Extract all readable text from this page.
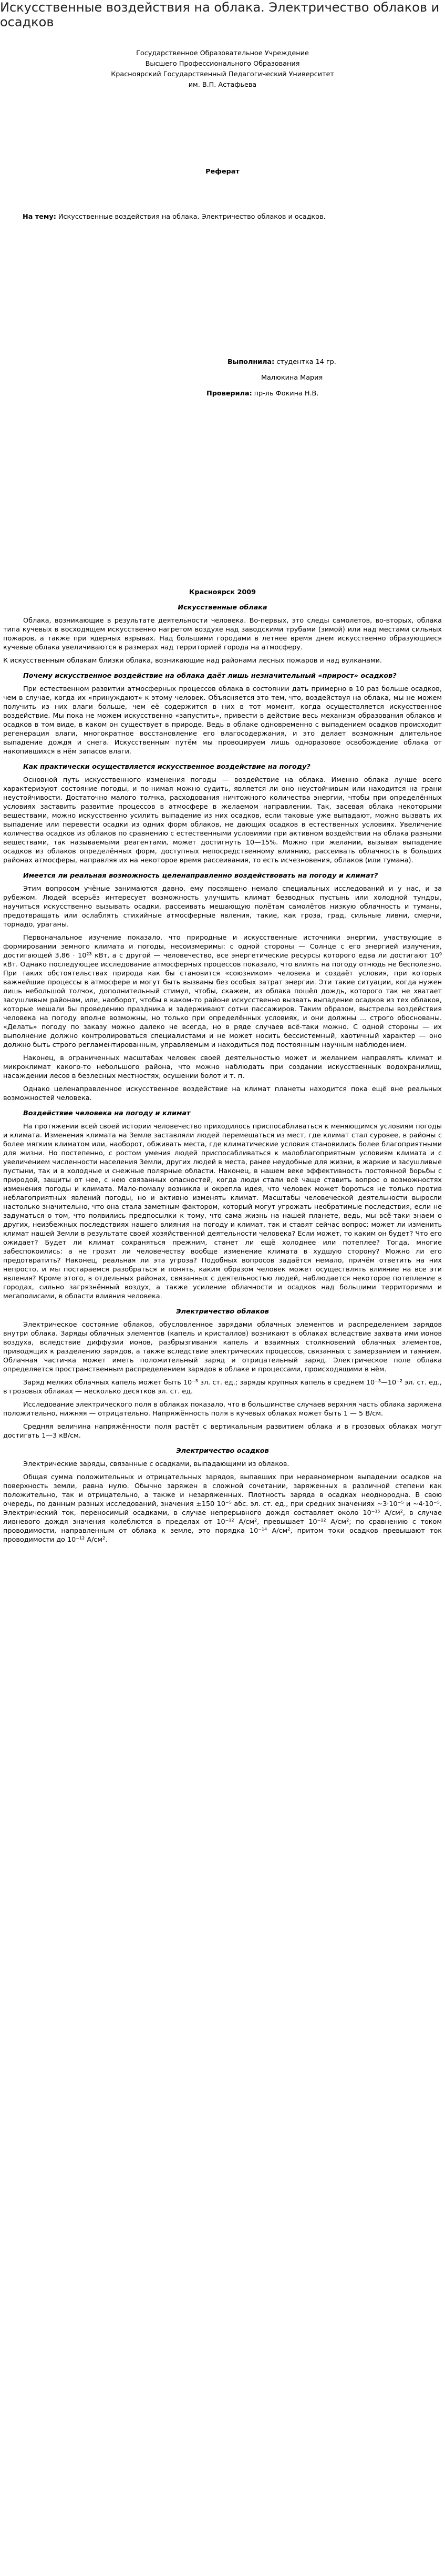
Искусственные воздействия на облака. Электричество облаков и осадков

Государственное Образовательное Учреждение

Высшего Профессионального Образования

Красноярский Государственный Педагогический Университет

им. В.П. Астафьева

Реферат
На тему: Искусственные воздействия на облака. Электричество облаков и осадков.
Выполнила: студентка 14 гр.
Малюкина Мария
Проверила: пр-ль Фокина Н.В.
Красноярск 2009

Искусственные облака

Облака, возникающие в результате деятельности человека. Во-первых, это следы самолетов, во-вторых, облака типа кучевых в восходящем искусственно нагретом воздухе над заводскими трубами (зимой) или над местами сильных пожаров, а также при ядерных взрывах. Над большими городами в летнее время днем искусственно образующиеся кучевые облака увеличиваются в размерах над территорией города на атмосферу.

К искусственным облакам близки облака, возникающие над районами лесных пожаров и над вулканами.

Почему искусственное воздействие на облака даёт лишь незначительный «прирост» осадков?

При естественном развитии атмосферных процессов облака в состоянии дать примерно в 10 раз больше осадков, чем в случае, когда их «принуждают» к этому человек. Объясняется это тем, что, воздействуя на облака, мы не можем получить из них влаги больше, чем её содержится в них в тот момент, когда осуществляется искусственное воздействие. Мы пока не можем искусственно «запустить», привести в действие весь механизм образования облаков и осадков в том виде, в каком он существует в природе. Ведь в облаке одновременно с выпадением осадков происходит регенерация влаги, многократное восстановление его влагосодержания, и это делает возможным длительное выпадение дождя и снега. Искусственным путём мы провоцируем лишь одноразовое освобождение облака от накопившихся в нём запасов влаги.

Как практически осуществляется искусственное воздействие на погоду?

Основной путь искусственного изменения погоды — воздействие на облака. Именно облака лучше всего характеризуют состояние погоды, и по-нимая можно судить, является ли оно неустойчивым или находится на грани неустойчивости. Достаточно малого толчка, расходования ничтожного количества энергии, чтобы при определённых условиях заставить развитие процессов в атмосфере в желаемом направлении. Так, засевая облака некоторыми веществами, можно искусственно усилить выпадение из них осадков, если таковые уже выпадают, можно вызвать их выпадение или перевести осадки из одних форм облаков, не дающих осадков в естественных условиях. Увеличение количества осадков из облаков по сравнению с естественными условиями при активном воздействии на облака разными веществами, так называемыми реагентами, может достигнуть 10—15%. Можно при желании, вызывая выпадение осадков из облаков определённых форм, доступных непосредственному влиянию, рассеивать облачность в больших районах атмосферы, направляя их на некоторое время рассеивания, то есть исчезновения, облаков (или тумана).

Имеется ли реальная возможность целенаправленно воздействовать на погоду и климат?

Этим вопросом учёные занимаются давно, ему посвящено немало специальных исследований и у нас, и за рубежом. Людей всерьёз интересует возможность улучшить климат безводных пустынь или холодной тундры, научиться искусственно вызывать осадки, рассеивать мешающую полётам самолётов низкую облачность и туманы, предотвращать или ослаблять стихийные атмосферные явления, такие, как гроза, град, сильные ливни, смерчи, торнадо, ураганы.

Первоначальное изучение показало, что природные и искусственные источники энергии, участвующие в формировании земного климата и погоды, несоизмеримы: с одной стороны — Солнце с его энергией излучения, достигающей 3,86 · 10²³ кВт, а с другой — человечество, все энергетические ресурсы которого едва ли достигают 10⁹ кВт. Однако последующее исследование атмосферных процессов показало, что влиять на погоду отнюдь не бесполезно. При таких обстоятельствах природа как бы становится «союзником» человека и создаёт условия, при которых важнейшие процессы в атмосфере и могут быть вызваны без особых затрат энергии. Эти такие ситуации, когда нужен лишь небольшой толчок, дополнительный стимул, чтобы, скажем, из облака пошёл дождь, которого так не хватает засушливым районам, или, наоборот, чтобы в каком-то районе искусственно вызвать выпадение осадков из тех облаков, которые мешали бы проведению праздника и задерживают сотни пассажиров. Таким образом, выстрелы воздействия человека на погоду вполне возможны, но только при определённых условиях, и они должны ... строго обоснованы. «Делать» погоду по заказу можно далеко не всегда, но в ряде случаев всё-таки можно. С одной стороны — их выполнение должно контролироваться специалистами и не может носить бессистемный, хаотичный характер — оно должно быть строго регламентированным, управляемым и находиться под постоянным научным наблюдением.

Наконец, в ограниченных масштабах человек своей деятельностью может и желанием направлять климат и микроклимат какого-то небольшого района, что можно наблюдать при создании искусственных водохранилищ, насаждении лесов в безлесных местностях, осушении болот и т. п.

Однако целенаправленное искусственное воздействие на климат планеты находится пока ещё вне реальных возможностей человека.

Воздействие человека на погоду и климат

На протяжении всей своей истории человечество приходилось приспосабливаться к меняющимся условиям погоды и климата. Изменения климата на Земле заставляли людей перемещаться из мест, где климат стал суровее, в районы с более мягким климатом или, наоборот, обживать места, где климатические условия становились более благоприятными для жизни. Но постепенно, с ростом умения людей приспосабливаться к малоблагоприятным условиям климата и с увеличением численности населения Земли, других людей в места, ранее неудобные для жизни, в жаркие и засушливые пустыни, так и в холодные и снежные полярные области. Наконец, в нашем веке эффективность постоянной борьбы с природой, защиты от нее, с нею связанных опасностей, когда люди стали всё чаще ставить вопрос о возможностях изменения погоды и климата. Мало-помалу возникла и окрепла идея, что человек может бороться не только против неблагоприятных явлений погоды, но и активно изменять климат. Масштабы человеческой деятельности выросли настолько значительно, что она стала заметным фактором, который могут угрожать необратимые последствия, если не задуматься о том, что появились предпосылки к тому, что сама жизнь на нашей планете, ведь, мы всё-таки знаем о других, неизбежных последствиях нашего влияния на погоду и климат, так и ставят сейчас вопрос: может ли изменить климат нашей Земли в результате своей хозяйственной деятельности человека? Если может, то каким он будет? Что его ожидает? Будет ли климат сохраняться прежним, станет ли ещё холоднее или потеплее? Тогда, многие забеспокоились: а не грозит ли человечеству вообще изменение климата в худшую сторону? Можно ли его предотвратить? Наконец, реальная ли эта угроза? Подобных вопросов задаётся немало, причём ответить на них непросто, и мы постараемся разобраться и понять, каким образом человек может осуществлять влияние на все эти явления? Кроме этого, в отдельных районах, связанных с деятельностью людей, наблюдается некоторое потепление в городах, сильно загрязнённый воздух, а также усиление облачности и осадков над большими территориями и мегаполисами, в области влияния человека.

Электричество облаков

Электрическое состояние облаков, обусловленное зарядами облачных элементов и распределением зарядов внутри облака. Заряды облачных элементов (капель и кристаллов) возникают в облаках вследствие захвата ими ионов воздуха, вследствие диффузии ионов, разбрызгивания капель и взаимных столкновений облачных элементов, приводящих к разделению зарядов, а также вследствие электрических процессов, связанных с замерзанием и таянием. Облачная частичка может иметь положительный заряд и отрицательный заряд. Электрическое поле облака определяется пространственным распределением зарядов в облаке и процессами, происходящими в нём.

Заряд мелких облачных капель может быть 10⁻⁵ зл. ст. ед.; заряды крупных капель в среднем 10⁻³—10⁻² эл. ст. ед., в грозовых облаках — несколько десятков эл. ст. ед.

Исследование электрического поля в облаках показало, что в большинстве случаев верхняя часть облака заряжена положительно, нижняя — отрицательно. Напряжённость поля в кучевых облаках может быть 1 — 5 В/см.

Средняя величина напряжённости поля растёт с вертикальным развитием облака и в грозовых облаках могут достигать 1—3 кВ/см.

Электричество осадков

Электрические заряды, связанные с осадками, выпадающими из облаков.

Общая сумма положительных и отрицательных зарядов, выпавших при неравномерном выпадении осадков на поверхность земли, равна нулю. Обычно заряжен в сложной сочетании, заряженных в различной степени как положительно, так и отрицательно, а также и незаряженных. Плотность заряда в осадках неоднородна. В свою очередь, по данным разных исследований, значения ±150 10⁻⁵ абс. эл. ст. ед., при средних значениях ~3·10⁻⁵ и ~4·10⁻⁵. Электрический ток, переносимый осадками, в случае непрерывного дождя составляет около 10⁻¹⁵ А/см², в случае ливневого дождя значения колеблются в пределах от 10⁻¹² А/см², превышает 10⁻¹² А/см²; по сравнению с током проводимости, направленным от облака к земле, это порядка 10⁻¹⁴ А/см², притом токи осадков превышают ток проводимости до 10⁻¹² А/см².
